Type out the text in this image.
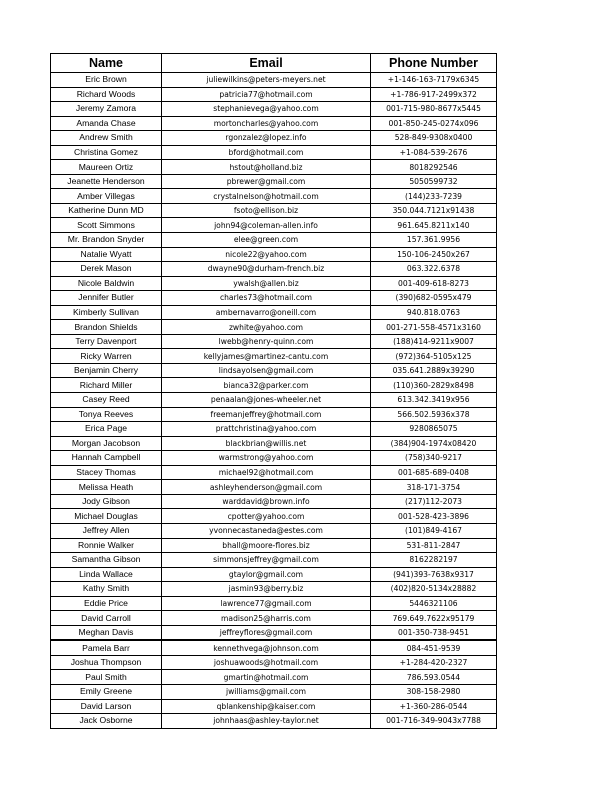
Name	Email	Phone Number
Eric Brown	juliewilkins@peters-meyers.net	+1-146-163-7179x6345
Richard Woods	patricia77@hotmail.com	+1-786-917-2499x372
Jeremy Zamora	stephanievega@yahoo.com	001-715-980-8677x5445
Amanda Chase	mortoncharles@yahoo.com	001-850-245-0274x096
Andrew Smith	rgonzalez@lopez.info	528-849-9308x0400
Christina Gomez	bford@hotmail.com	+1-084-539-2676
Maureen Ortiz	hstout@holland.biz	8018292546
Jeanette Henderson	pbrewer@gmail.com	5050599732
Amber Villegas	crystalnelson@hotmail.com	(144)233-7239
Katherine Dunn MD	fsoto@ellison.biz	350.044.7121x91438
Scott Simmons	john94@coleman-allen.info	961.645.8211x140
Mr. Brandon Snyder	elee@green.com	157.361.9956
Natalie Wyatt	nicole22@yahoo.com	150-106-2450x267
Derek Mason	dwayne90@durham-french.biz	063.322.6378
Nicole Baldwin	ywalsh@allen.biz	001-409-618-8273
Jennifer Butler	charles73@hotmail.com	(390)682-0595x479
Kimberly Sullivan	ambernavarro@oneill.com	940.818.0763
Brandon Shields	zwhite@yahoo.com	001-271-558-4571x3160
Terry Davenport	lwebb@henry-quinn.com	(188)414-9211x9007
Ricky Warren	kellyjames@martinez-cantu.com	(972)364-5105x125
Benjamin Cherry	lindsayolsen@gmail.com	035.641.2889x39290
Richard Miller	bianca32@parker.com	(110)360-2829x8498
Casey Reed	penaalan@jones-wheeler.net	613.342.3419x956
Tonya Reeves	freemanjeffrey@hotmail.com	566.502.5936x378
Erica Page	prattchristina@yahoo.com	9280865075
Morgan Jacobson	blackbrian@willis.net	(384)904-1974x08420
Hannah Campbell	warmstrong@yahoo.com	(758)340-9217
Stacey Thomas	michael92@hotmail.com	001-685-689-0408
Melissa Heath	ashleyhenderson@gmail.com	318-171-3754
Jody Gibson	warddavid@brown.info	(217)112-2073
Michael Douglas	cpotter@yahoo.com	001-528-423-3896
Jeffrey Allen	yvonnecastaneda@estes.com	(101)849-4167
Ronnie Walker	bhall@moore-flores.biz	531-811-2847
Samantha Gibson	simmonsjeffrey@gmail.com	8162282197
Linda Wallace	gtaylor@gmail.com	(941)393-7638x9317
Kathy Smith	jasmin93@berry.biz	(402)820-5134x28882
Eddie Price	lawrence77@gmail.com	5446321106
David Carroll	madison25@harris.com	769.649.7622x95179
Meghan Davis	jeffreyflores@gmail.com	001-350-738-9451
Pamela Barr	kennethvega@johnson.com	084-451-9539
Joshua Thompson	joshuawoods@hotmail.com	+1-284-420-2327
Paul Smith	gmartin@hotmail.com	786.593.0544
Emily Greene	jwilliams@gmail.com	308-158-2980
David Larson	qblankenship@kaiser.com	+1-360-286-0544
Jack Osborne	johnhaas@ashley-taylor.net	001-716-349-9043x7788
